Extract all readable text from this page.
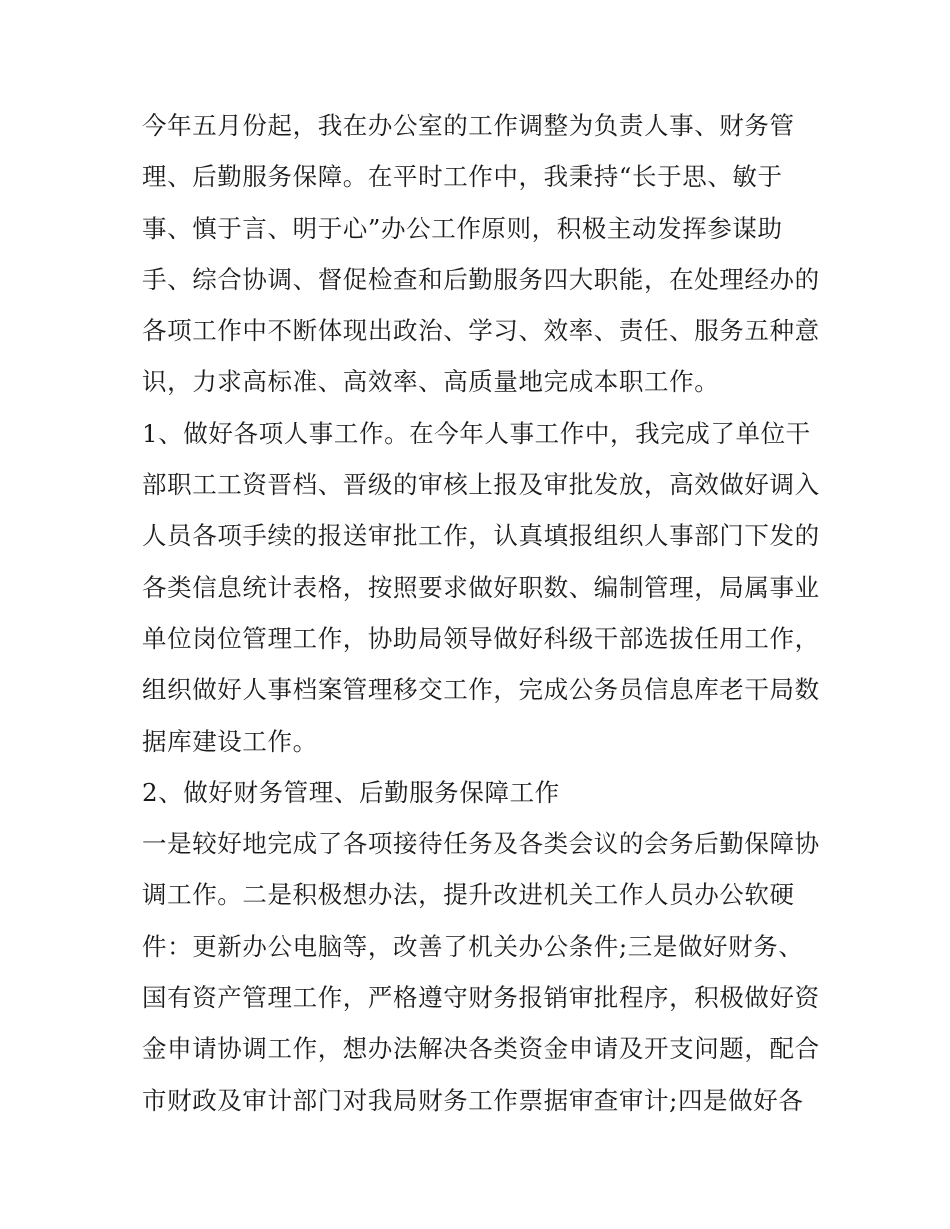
今年五月份起，我在办公室的工作调整为负责人事、财务管

理、后勤服务保障。在平时工作中，我秉持“长于思、敏于

事、慎于言、明于心”办公工作原则，积极主动发挥参谋助

手、综合协调、督促检查和后勤服务四大职能，在处理经办的

各项工作中不断体现出政治、学习、效率、责任、服务五种意

识，力求高标准、高效率、高质量地完成本职工作。

1、做好各项人事工作。在今年人事工作中，我完成了单位干

部职工工资晋档、晋级的审核上报及审批发放，高效做好调入

人员各项手续的报送审批工作，认真填报组织人事部门下发的

各类信息统计表格，按照要求做好职数、编制管理，局属事业

单位岗位管理工作，协助局领导做好科级干部选拔任用工作，

组织做好人事档案管理移交工作，完成公务员信息库老干局数

据库建设工作。

2、做好财务管理、后勤服务保障工作

一是较好地完成了各项接待任务及各类会议的会务后勤保障协

调工作。二是积极想办法，提升改进机关工作人员办公软硬

件：更新办公电脑等，改善了机关办公条件;三是做好财务、

国有资产管理工作，严格遵守财务报销审批程序，积极做好资

金申请协调工作，想办法解决各类资金申请及开支问题，配合

市财政及审计部门对我局财务工作票据审查审计;四是做好各
